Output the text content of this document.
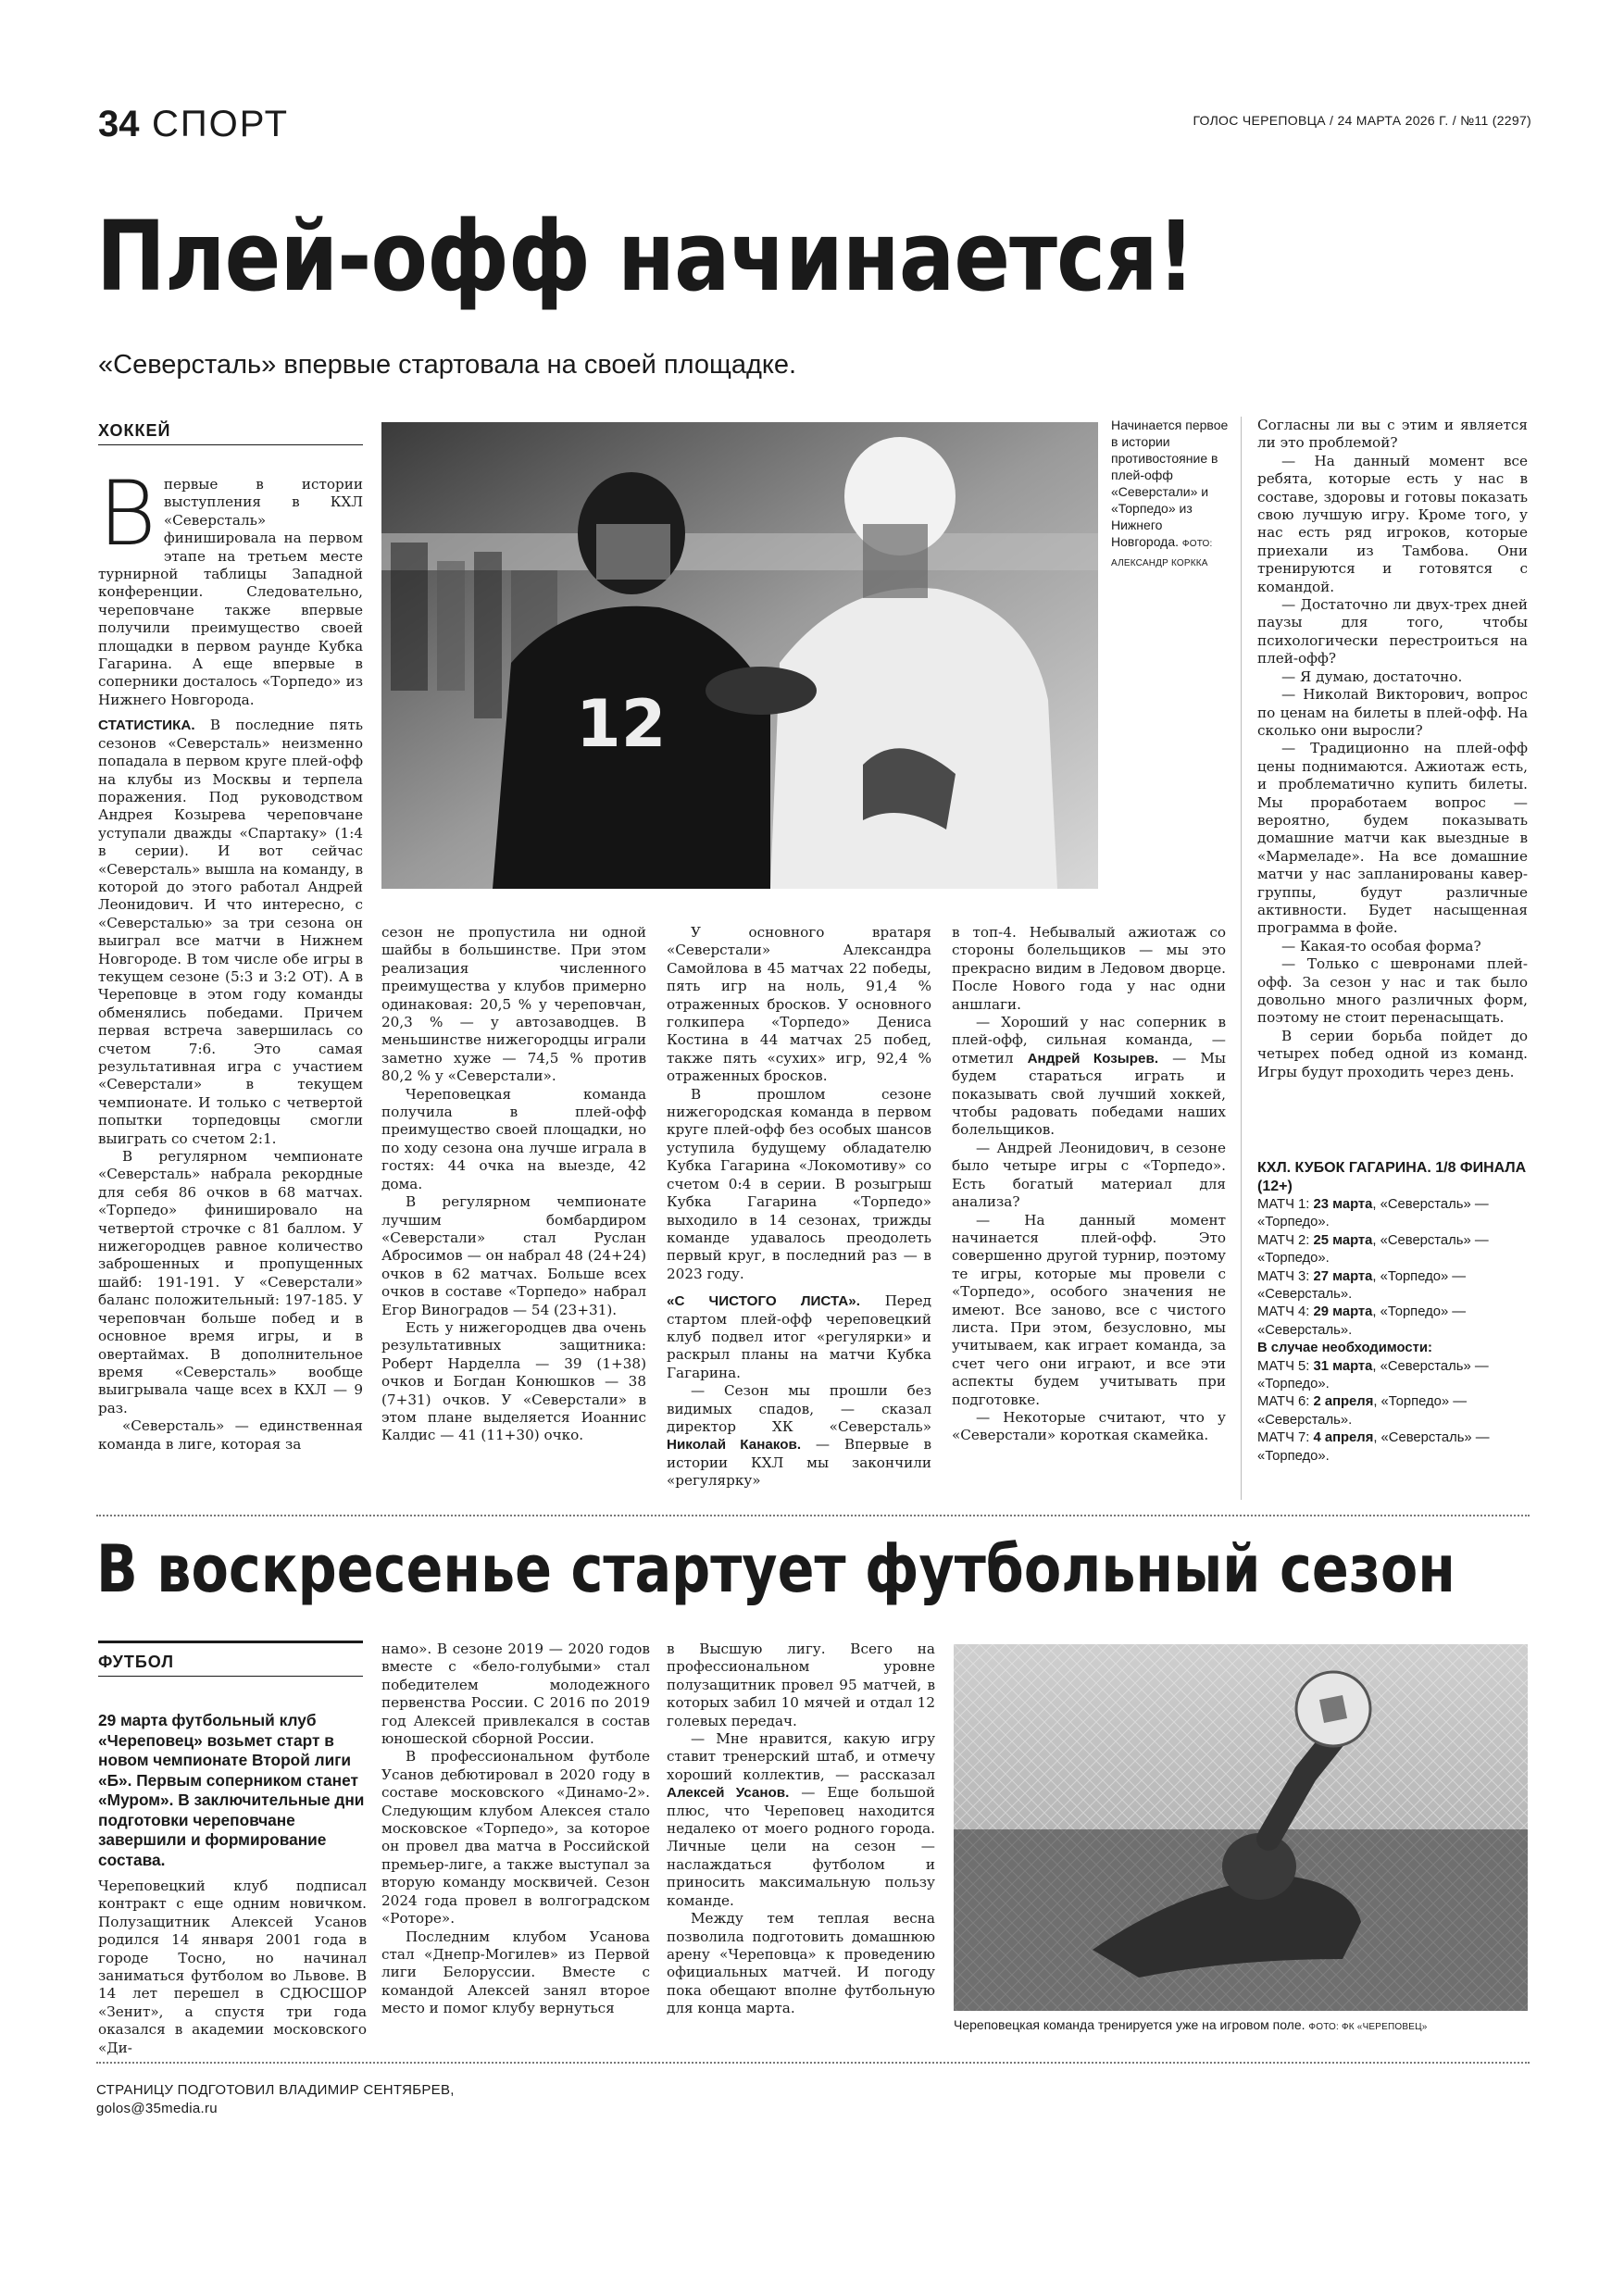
34 СПОРТ	ГОЛОС ЧЕРЕПОВЦА / 24 МАРТА 2026 Г. / №11 (2297)
Плей-офф начинается!
«Северсталь» впервые стартовала на своей площадке.
ХОККЕЙ

Впервые в истории выступления в КХЛ «Северсталь» финишировала на первом этапе на третьем месте турнирной таблицы Западной конференции. Следовательно, череповчане также впервые получили преимущество своей площадки в первом раунде Кубка Гагарина. А еще впервые в соперники досталось «Торпедо» из Нижнего Новгорода.

СТАТИСТИКА. В последние пять сезонов «Северсталь» неизменно попадала в первом круге плей-офф на клубы из Москвы и терпела поражения. Под руководством Андрея Козырева череповчане уступали дважды «Спартаку» (1:4 в серии). И вот сейчас «Северсталь» вышла на команду, в которой до этого работал Андрей Леонидович. И что интересно, с «Северсталью» за три сезона он выиграл все матчи в Нижнем Новгороде. В том числе обе игры в текущем сезоне (5:3 и 3:2 ОТ). А в Череповце в этом году команды обменялись победами. Причем первая встреча завершилась со счетом 7:6. Это самая результативная игра с участием «Северстали» в текущем чемпионате. И только с четвертой попытки торпедовцы смогли выиграть со счетом 2:1.

В регулярном чемпионате «Северсталь» набрала рекордные для себя 86 очков в 68 матчах. «Торпедо» финишировало на четвертой строчке с 81 баллом. У нижегородцев равное количество заброшенных и пропущенных шайб: 191-191. У «Северстали» баланс положительный: 197-185. У череповчан больше побед и в основное время игры, и в овертаймах. В дополнительное время «Северсталь» вообще выигрывала чаще всех в КХЛ — 9 раз.

«Северсталь» — единственная команда в лиге, которая за

12
Начинается первое в истории противостояние в плей-офф «Северстали» и «Торпедо» из Нижнего Новгорода. ФОТО: АЛЕКСАНДР КОРККА

сезон не пропустила ни одной шайбы в большинстве. При этом реализация численного преимущества у клубов примерно одинаковая: 20,5 % у череповчан, 20,3 % — у автозаводцев. В меньшинстве нижегородцы играли заметно хуже — 74,5 % против 80,2 % у «Северстали».

Череповецкая команда получила в плей-офф преимущество своей площадки, но по ходу сезона она лучше играла в гостях: 44 очка на выезде, 42 дома.

В регулярном чемпионате лучшим бомбардиром «Северстали» стал Руслан Абросимов — он набрал 48 (24+24) очков в 62 матчах. Больше всех очков в составе «Торпедо» набрал Егор Виноградов — 54 (23+31).

Есть у нижегородцев два очень результативных защитника: Роберт Нарделла — 39 (1+38) очков и Богдан Конюшков — 38 (7+31) очков. У «Северстали» в этом плане выделяется Иоаннис Калдис — 41 (11+30) очко.

У основного вратаря «Северстали» Александра Самойлова в 45 матчах 22 победы, пять игр на ноль, 91,4 % отраженных бросков. У основного голкипера «Торпедо» Дениса Костина в 44 матчах 25 побед, также пять «сухих» игр, 92,4 % отраженных бросков.

В прошлом сезоне нижегородская команда в первом круге плей-офф без особых шансов уступила будущему обладателю Кубка Гагарина «Локомотиву» со счетом 0:4 в серии. В розыгрыш Кубка Гагарина «Торпедо» выходило в 14 сезонах, трижды команде удавалось преодолеть первый круг, в последний раз — в 2023 году.

«С ЧИСТОГО ЛИСТА». Перед стартом плей-офф череповецкий клуб подвел итог «регулярки» и раскрыл планы на матчи Кубка Гагарина.

— Сезон мы прошли без видимых спадов, — сказал директор ХК «Северсталь» Николай Канаков. — Впервые в истории КХЛ мы закончили «регулярку»

в топ-4. Небывалый ажиотаж со стороны болельщиков — мы это прекрасно видим в Ледовом дворце. После Нового года у нас одни аншлаги.

— Хороший у нас соперник в плей-офф, сильная команда, — отметил Андрей Козырев. — Мы будем стараться играть и показывать свой лучший хоккей, чтобы радовать победами наших болельщиков.

— Андрей Леонидович, в сезоне было четыре игры с «Торпедо». Есть богатый материал для анализа?

— На данный момент начинается плей-офф. Это совершенно другой турнир, поэтому те игры, которые мы провели с «Торпедо», особого значения не имеют. Все заново, все с чистого листа. При этом, безусловно, мы учитываем, как играет команда, за счет чего они играют, и все эти аспекты будем учитывать при подготовке.

— Некоторые считают, что у «Северстали» короткая скамейка.

Согласны ли вы с этим и является ли это проблемой?

— На данный момент все ребята, которые есть у нас в составе, здоровы и готовы показать свою лучшую игру. Кроме того, у нас есть ряд игроков, которые приехали из Тамбова. Они тренируются и готовятся с командой.

— Достаточно ли двух-трех дней паузы для того, чтобы психологически перестроиться на плей-офф?

— Я думаю, достаточно.

— Николай Викторович, вопрос по ценам на билеты в плей-офф. На сколько они выросли?

— Традиционно на плей-офф цены поднимаются. Ажиотаж есть, и проблематично купить билеты. Мы проработаем вопрос — вероятно, будем показывать домашние матчи как выездные в «Мармеладе». На все домашние матчи у нас запланированы кавер-группы, будут различные активности. Будет насыщенная программа в фойе.

— Какая-то особая форма?

— Только с шевронами плей-офф. За сезон у нас и так было довольно много различных форм, поэтому не стоит перенасыщать.

В серии борьба пойдет до четырех побед одной из команд. Игры будут проходить через день.

КХЛ. КУБОК ГАГАРИНА. 1/8 ФИНАЛА (12+)
МАТЧ 1: 23 марта, «Северсталь» — «Торпедо».
МАТЧ 2: 25 марта, «Северсталь» — «Торпедо».
МАТЧ 3: 27 марта, «Торпедо» — «Северсталь».
МАТЧ 4: 29 марта, «Торпедо» — «Северсталь».
В случае необходимости:
МАТЧ 5: 31 марта, «Северсталь» — «Торпедо».
МАТЧ 6: 2 апреля, «Торпедо» — «Северсталь».
МАТЧ 7: 4 апреля, «Северсталь» — «Торпедо».
В воскресенье стартует футбольный сезон
ФУТБОЛ
29 марта футбольный клуб «Череповец» возьмет старт в новом чемпионате Второй лиги «Б». Первым соперником станет «Муром». В заключительные дни подготовки череповчане завершили и формирование состава.

Череповецкий клуб подписал контракт с еще одним новичком. Полузащитник Алексей Усанов родился 14 января 2001 года в городе Тосно, но начинал заниматься футболом во Львове. В 14 лет перешел в СДЮСШОР «Зенит», а спустя три года оказался в академии московского «Ди-

намо». В сезоне 2019 — 2020 годов вместе с «бело-голубыми» стал победителем молодежного первенства России. С 2016 по 2019 год Алексей привлекался в состав юношеской сборной России.

В профессиональном футболе Усанов дебютировал в 2020 году в составе московского «Динамо-2». Следующим клубом Алексея стало московское «Торпедо», за которое он провел два матча в Российской премьер-лиге, а также выступал за вторую команду москвичей. Сезон 2024 года провел в волгоградском «Роторе».

Последним клубом Усанова стал «Днепр-Могилев» из Первой лиги Белоруссии. Вместе с командой Алексей занял второе место и помог клубу вернуться

в Высшую лигу. Всего на профессиональном уровне полузащитник провел 95 матчей, в которых забил 10 мячей и отдал 12 голевых передач.

— Мне нравится, какую игру ставит тренерский штаб, и отмечу хороший коллектив, — рассказал Алексей Усанов. — Еще большой плюс, что Череповец находится недалеко от моего родного города. Личные цели на сезон — наслаждаться футболом и приносить максимальную пользу команде.

Между тем теплая весна позволила подготовить домашнюю арену «Череповца» к проведению официальных матчей. И погоду пока обещают вполне футбольную для конца марта.

Череповецкая команда тренируется уже на игровом поле. ФОТО: ФК «ЧЕРЕПОВЕЦ»
СТРАНИЦУ ПОДГОТОВИЛ ВЛАДИМИР СЕНТЯБРЕВ,
golos@35media.ru
